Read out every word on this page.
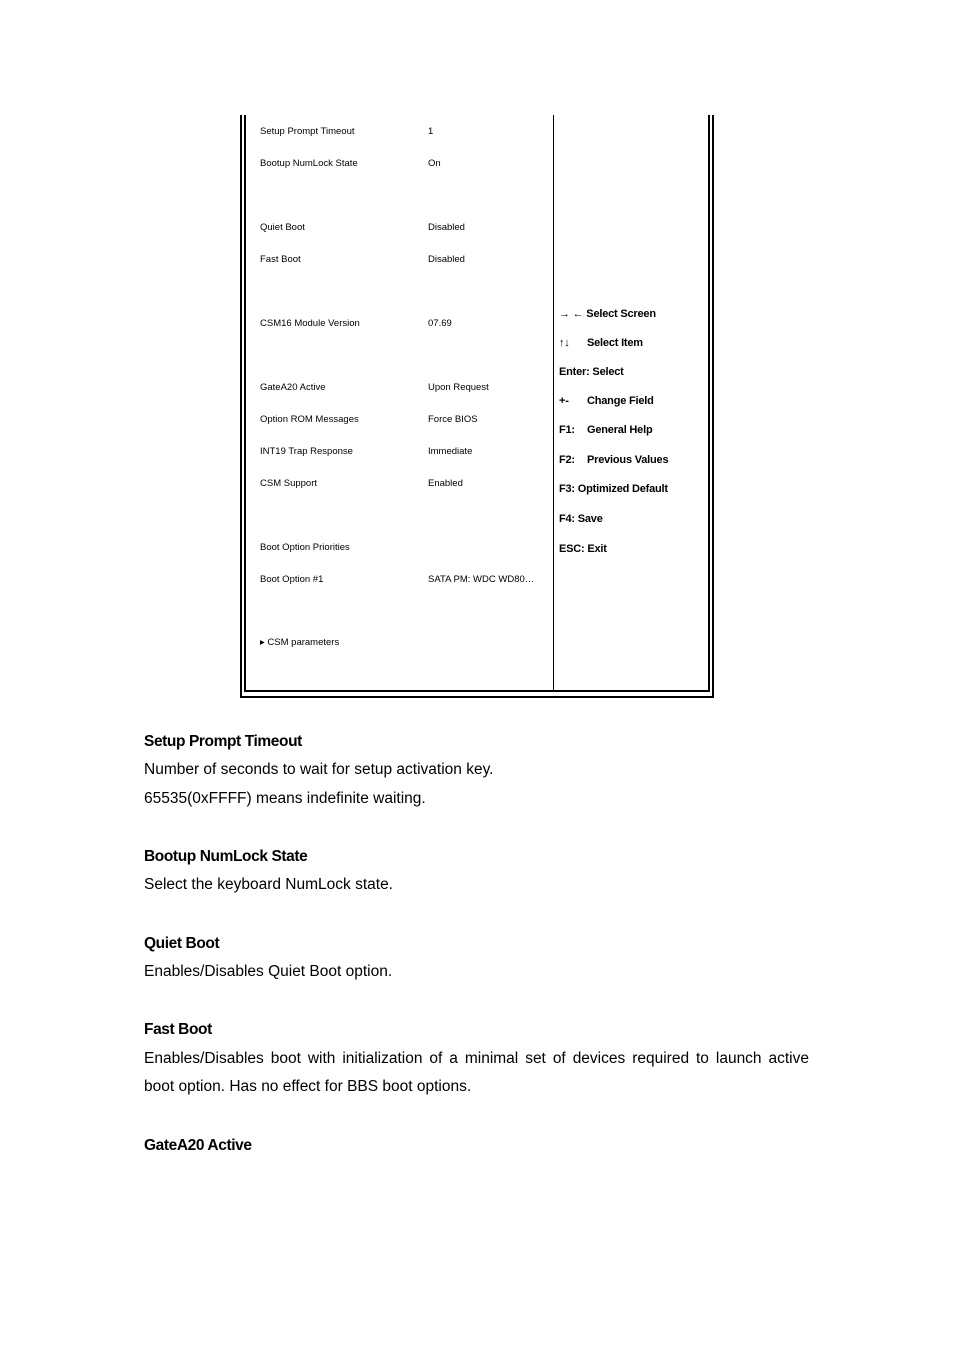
Setup Prompt Timeout	1
Bootup NumLock State	On
Quiet Boot	Disabled
Fast Boot	Disabled
CSM16 Module Version	07.69
GateA20 Active	Upon Request
Option ROM Messages	Force BIOS
INT19 Trap Response	Immediate
CSM Support	Enabled
Boot Option Priorities
Boot Option #1	SATA PM: WDC WD80…
▸ CSM parameters
→ ← Select Screen
↑↓ Select Item
Enter: Select
+- Change Field
F1: General Help
F2: Previous Values
F3: Optimized Default
F4: Save
ESC: Exit
Setup Prompt Timeout

Number of seconds to wait for setup activation key.

65535(0xFFFF) means indefinite waiting.

Bootup NumLock State

Select the keyboard NumLock state.

Quiet Boot

Enables/Disables Quiet Boot option.

Fast Boot

Enables/Disables boot with initialization of a minimal set of devices required to launch active

boot option. Has no effect for BBS boot options.

GateA20 Active
